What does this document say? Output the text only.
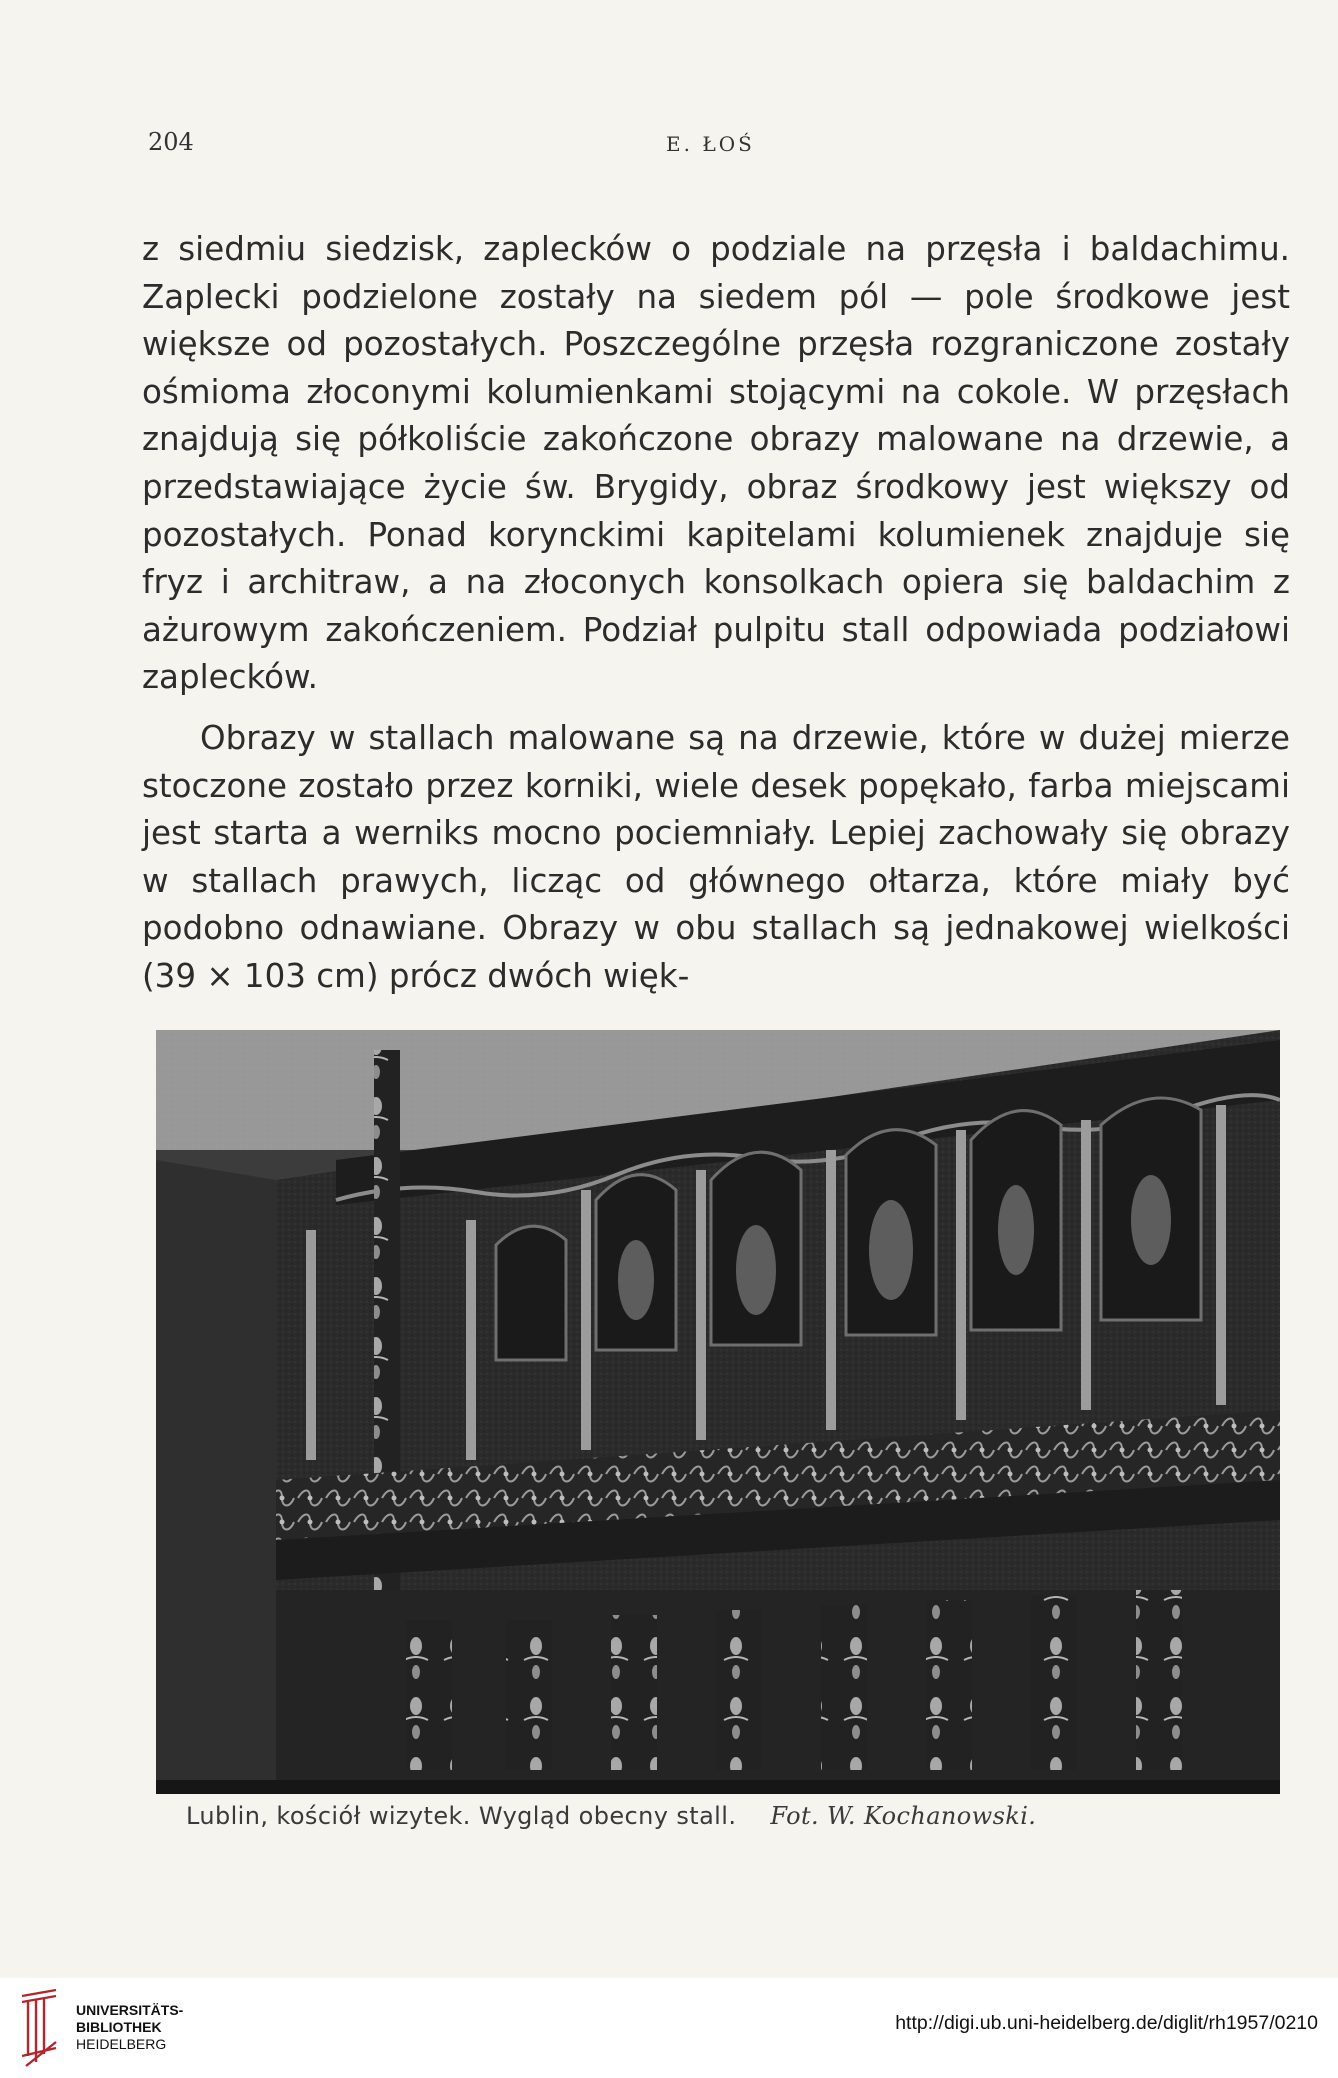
204	E. ŁOŚ

z siedmiu siedzisk, zaplecków o podziale na przęsła i baldachimu. Zaplecki podzielone zostały na siedem pól — pole środkowe jest większe od pozostałych. Poszczególne przęsła rozgraniczone zostały ośmioma złoconymi kolumienkami stojącymi na cokole. W przęsłach znajdują się półkoliście zakończone obrazy malowane na drzewie, a przedstawiające życie św. Brygidy, obraz środkowy jest większy od pozostałych. Ponad korynckimi kapitelami kolumienek znajduje się fryz i architraw, a na złoconych konsolkach opiera się baldachim z ażurowym zakończeniem. Podział pulpitu stall odpowiada podziałowi zaplecków.

Obrazy w stallach malowane są na drzewie, które w dużej mierze stoczone zostało przez korniki, wiele desek popękało, farba miejscami jest starta a werniks mocno pociemniały. Lepiej zachowały się obrazy w stallach prawych, licząc od głównego ołtarza, które miały być podobno odnawiane. Obrazy w obu stallach są jednakowej wielkości (39 × 103 cm) prócz dwóch więk-

Lublin, kościół wizytek. Wygląd obecny stall. Fot. W. Kochanowski.
UNIVERSITÄTS-
BIBLIOTHEK
HEIDELBERG
http://digi.ub.uni-heidelberg.de/diglit/rh1957/0210
